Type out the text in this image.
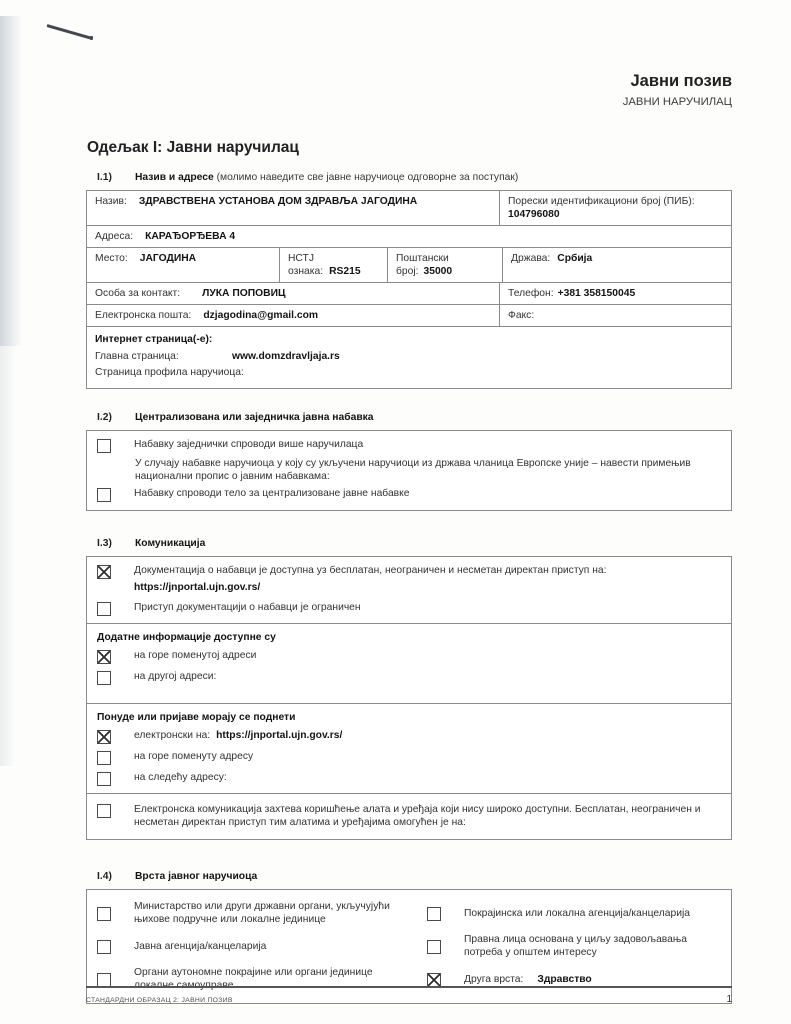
Јавни позив
ЈАВНИ НАРУЧИЛАЦ
Одељак I: Јавни наручилац
I.1)	Назив и адресе (молимо наведите све јавне наручиоце одговорне за поступак)
Назив: ЗДРАВСТВЕНА УСТАНОВА ДОМ ЗДРАВЉА ЈАГОДИНА	Порески идентификациони број (ПИБ):
104796080
Адреса: КАРАЂОРЂЕВА 4
Место: ЈАГОДИНА	НСТЈ ознака: RS215
Поштански број: 35000
Држава: Србија
Особа за контакт: ЛУКА ПОПОВИЦ	Телефон: +381 358150045
Електронска пошта: dzjagodina@gmail.com	Факс:
Интернет страница(-е):
Главна страница:	www.domzdravljaja.rs
Страница профила наручиоца:
I.2)	Централизована или заједничка јавна набавка
Набавку заједнички спроводи више наручилаца
У случају набавке наручиоца у коју су укључени наручиоци из држава чланица Европске уније – навести примењив национални пропис о јавним набавкама:
Набавку спроводи тело за централизоване јавне набавке
I.3)	Комуникација
Документација о набавци је доступна уз бесплатан, неограничен и несметан директан приступ на:
https://jnportal.ujn.gov.rs/
Приступ документацији о набавци је ограничен
Додатне информације доступне су
на горе поменутој адреси
на другој адреси:
Понуде или пријаве морају се поднети
електронски на: https://jnportal.ujn.gov.rs/
на горе поменуту адресу
на следећу адресу:
Електронска комуникација захтева коришћење алата и уређаја који нису широко доступни. Бесплатан, неограничен и несметан директан приступ тим алатима и уређајима омогућен је на:
I.4)	Врста јавног наручиоца
Министарство или други државни органи, укључујући њихове подручне или локалне јединице
Покрајинска или локална агенција/канцеларија
Јавна агенција/канцеларија
Правна лица основана у циљу задовољавања потреба у општем интересу
Органи аутономне покрајине или органи јединице локалне самоуправе
Друга врста: Здравство
СТАНДАРДНИ ОБРАЗАЦ 2: ЈАВНИ ПОЗИВ	1
